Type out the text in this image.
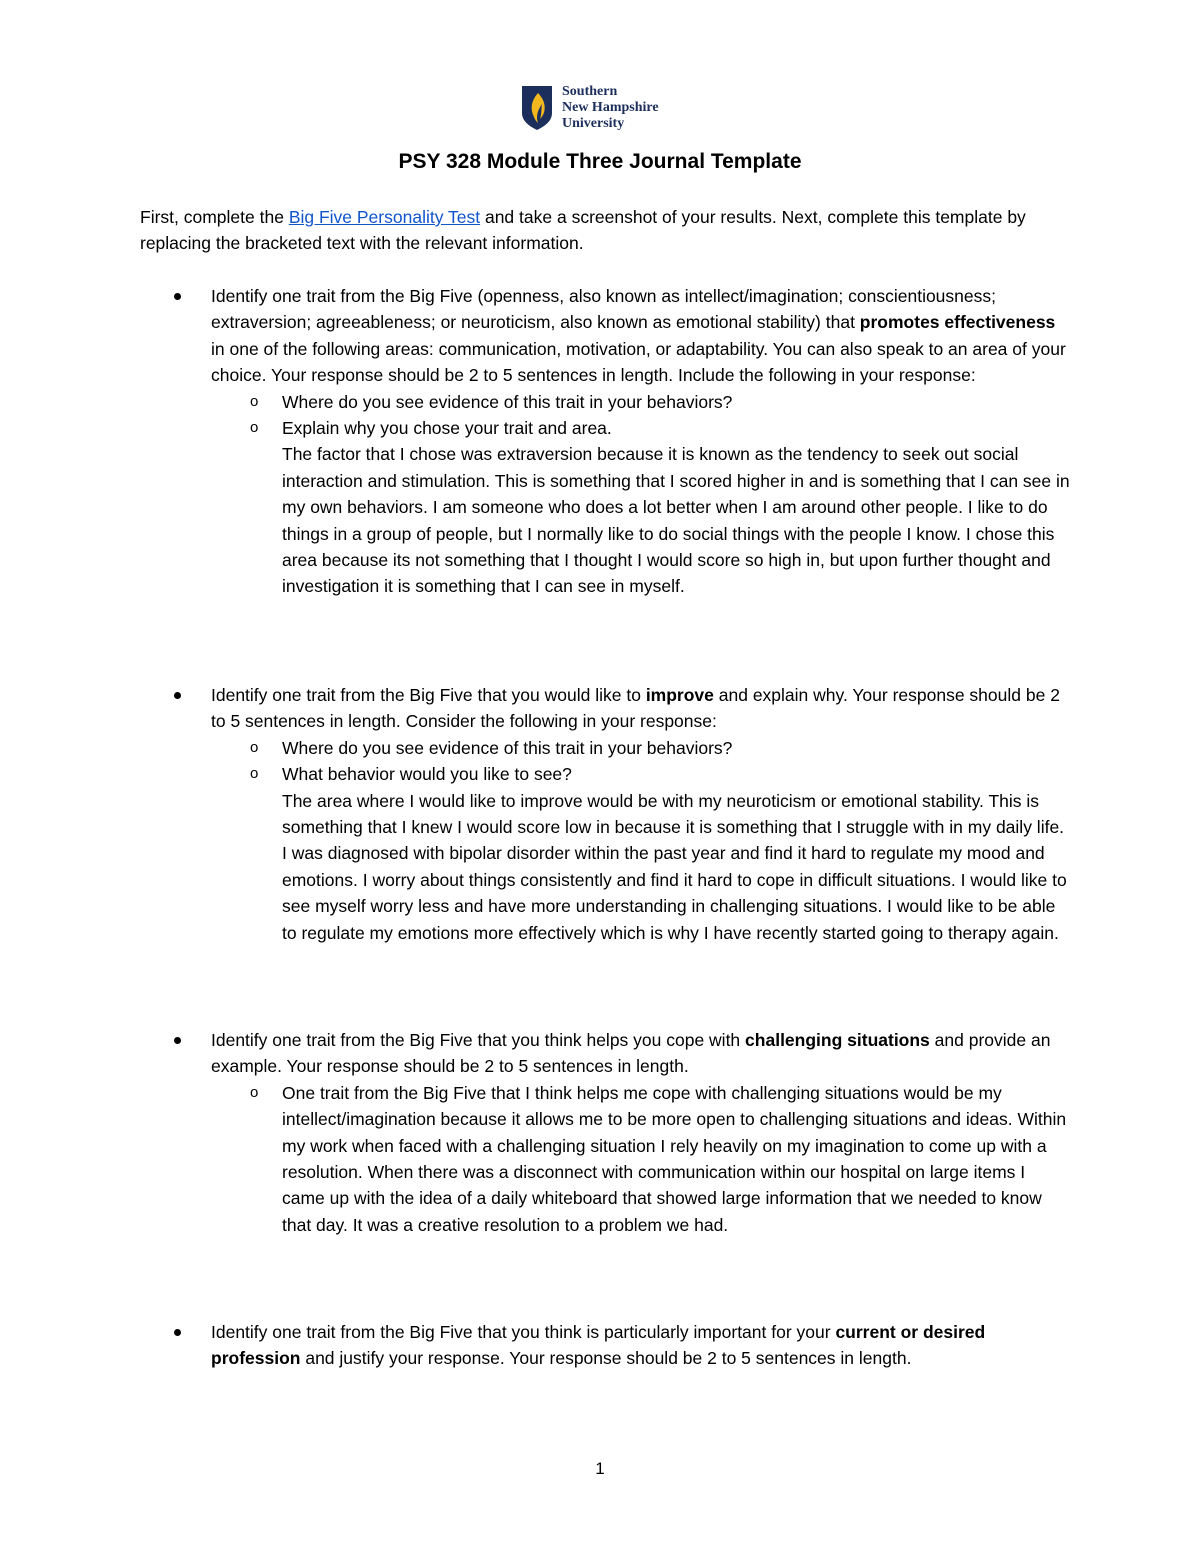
Southern
New Hampshire
University
PSY 328 Module Three Journal Template

First, complete the Big Five Personality Test and take a screenshot of your results. Next, complete this template by replacing the bracketed text with the relevant information.

Identify one trait from the Big Five (openness, also known as intellect/imagination; conscientiousness; extraversion; agreeableness; or neuroticism, also known as emotional stability) that promotes effectiveness in one of the following areas: communication, motivation, or adaptability. You can also speak to an area of your choice. Your response should be 2 to 5 sentences in length. Include the following in your response:
o Where do you see evidence of this trait in your behaviors?
o Explain why you chose your trait and area.
The factor that I chose was extraversion because it is known as the tendency to seek out social interaction and stimulation. This is something that I scored higher in and is something that I can see in my own behaviors. I am someone who does a lot better when I am around other people. I like to do things in a group of people, but I normally like to do social things with the people I know. I chose this area because its not something that I thought I would score so high in, but upon further thought and investigation it is something that I can see in myself.
Identify one trait from the Big Five that you would like to improve and explain why. Your response should be 2 to 5 sentences in length. Consider the following in your response:
o Where do you see evidence of this trait in your behaviors?
o What behavior would you like to see?
The area where I would like to improve would be with my neuroticism or emotional stability. This is something that I knew I would score low in because it is something that I struggle with in my daily life. I was diagnosed with bipolar disorder within the past year and find it hard to regulate my mood and emotions. I worry about things consistently and find it hard to cope in difficult situations. I would like to see myself worry less and have more understanding in challenging situations. I would like to be able to regulate my emotions more effectively which is why I have recently started going to therapy again.
Identify one trait from the Big Five that you think helps you cope with challenging situations and provide an example. Your response should be 2 to 5 sentences in length.
o One trait from the Big Five that I think helps me cope with challenging situations would be my intellect/imagination because it allows me to be more open to challenging situations and ideas. Within my work when faced with a challenging situation I rely heavily on my imagination to come up with a resolution. When there was a disconnect with communication within our hospital on large items I came up with the idea of a daily whiteboard that showed large information that we needed to know that day. It was a creative resolution to a problem we had.
Identify one trait from the Big Five that you think is particularly important for your current or desired profession and justify your response. Your response should be 2 to 5 sentences in length.
1
